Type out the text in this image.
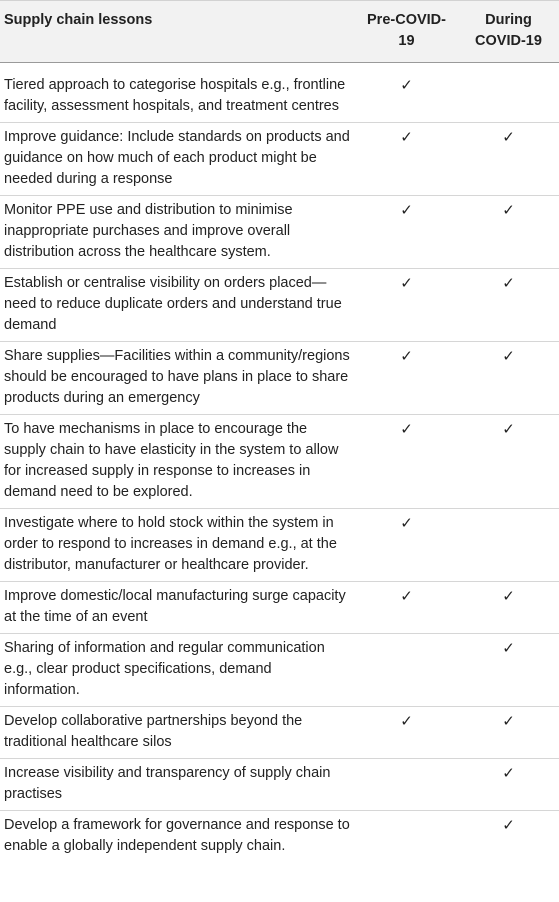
Supply chain lessons	Pre-COVID-19	During
COVID-19
Tiered approach to categorise hospitals e.g., frontline facility, assessment hospitals, and treatment centres	✓	
Improve guidance: Include standards on products and guidance on how much of each product might be needed during a response	✓	✓
Monitor PPE use and distribution to minimise inappropriate purchases and improve overall distribution across the healthcare system.	✓	✓
Establish or centralise visibility on orders placed—need to reduce duplicate orders and understand true demand	✓	✓
Share supplies—Facilities within a community/regions should be encouraged to have plans in place to share products during an emergency	✓	✓
To have mechanisms in place to encourage the supply chain to have elasticity in the system to allow for increased supply in response to increases in demand need to be explored.	✓	✓
Investigate where to hold stock within the system in order to respond to increases in demand e.g., at the distributor, manufacturer or healthcare provider.	✓	
Improve domestic/local manufacturing surge capacity at the time of an event	✓	✓
Sharing of information and regular communication e.g., clear product specifications, demand information.		✓
Develop collaborative partnerships beyond the traditional healthcare silos	✓	✓
Increase visibility and transparency of supply chain practises		✓
Develop a framework for governance and response to enable a globally independent supply chain.		✓
